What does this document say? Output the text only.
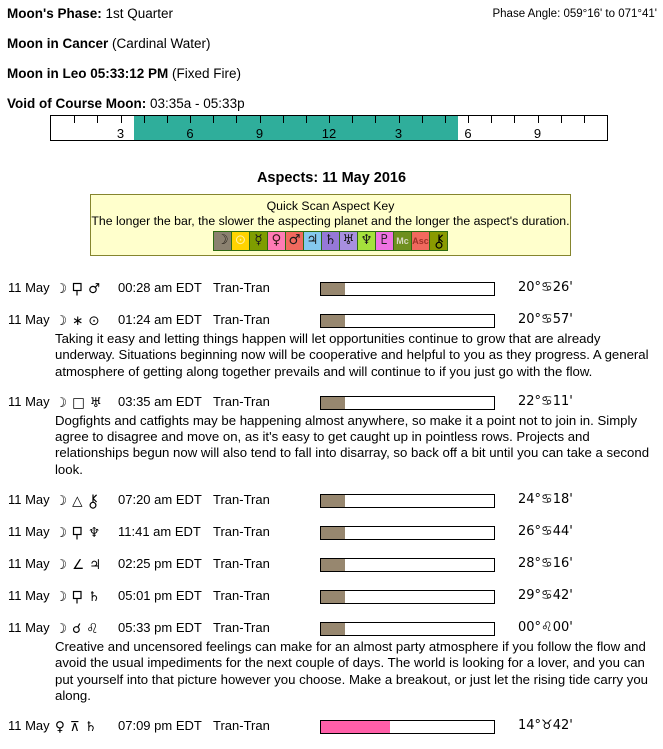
Moon's Phase: 1st Quarter	Phase Angle: 059°16' to 071°41'
Moon in Cancer (Cardinal Water)
Moon in Leo 05:33:12 PM (Fixed Fire)
Void of Course Moon: 03:35a - 05:33p
3	6	9	12	3	6	9
Aspects: 11 May 2016
Quick Scan Aspect Key
The longer the bar, the slower the aspecting planet and the longer the aspect's duration.
☽ ⊙ ☿ ♀ ♂ ♃ ♄ ♅ ♆ ♇ Mc Asc
11 May ☽ ♂ 00:28 am EDT Tran-Tran	20°♋26'
11 May ☽ ∗ ⊙ 01:24 am EDT Tran-Tran	20°♋57'

Taking it easy and letting things happen will let opportunities continue to grow that are already underway. Situations beginning now will be cooperative and helpful to you as they progress. A general atmosphere of getting along together prevails and will continue to if you just go with the flow.

11 May ☽ □ ♅ 03:35 am EDT Tran-Tran	22°♋11'

Dogfights and catfights may be happening almost anywhere, so make it a point not to join in. Simply agree to disagree and move on, as it's easy to get caught up in pointless rows. Projects and relationships begun now will also tend to fall into disarray, so back off a bit until you can take a second look.

11 May ☽ △	07:20 am EDT Tran-Tran	24°♋18'
11 May ☽ ♆ 11:41 am EDT Tran-Tran	26°♋44'
11 May ☽ ∠ ♃ 02:25 pm EDT Tran-Tran	28°♋16'
11 May ☽ ♄ 05:01 pm EDT Tran-Tran	29°♋42'
11 May ☽ ☌ ♌ 05:33 pm EDT Tran-Tran	00°♌00'

Creative and uncensored feelings can make for an almost party atmosphere if you follow the flow and avoid the usual impediments for the next couple of days. The world is looking for a lover, and you can put yourself into that picture however you choose. Make a breakout, or just let the rising tide carry you along.

11 May ♀ ⊼ ♄ 07:09 pm EDT Tran-Tran	14°♉42'
